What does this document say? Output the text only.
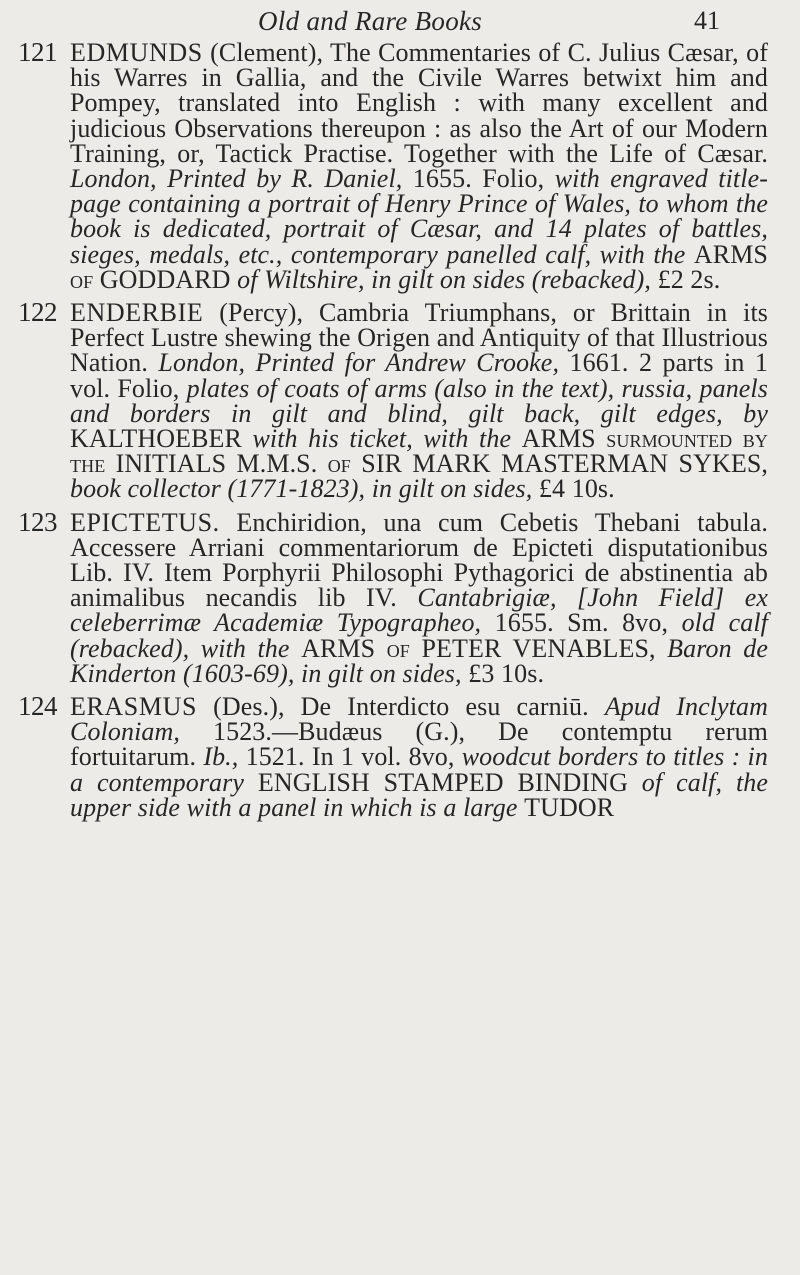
Old and Rare Books	41
121 EDMUNDS (Clement), The Commentaries of C. Julius Cæsar, of his Warres in Gallia, and the Civile Warres betwixt him and Pompey, translated into English : with many excellent and judicious Observations thereupon : as also the Art of our Modern Training, or, Tactick Practise. Together with the Life of Cæsar. London, Printed by R. Daniel, 1655. Folio, with engraved title-page containing a portrait of Henry Prince of Wales, to whom the book is dedicated, portrait of Cæsar, and 14 plates of battles, sieges, medals, etc., contemporary panelled calf, with the ARMS of GODDARD of Wiltshire, in gilt on sides (rebacked), £2 2s.
122 ENDERBIE (Percy), Cambria Triumphans, or Brittain in its Perfect Lustre shewing the Origen and Antiquity of that Illustrious Nation. London, Printed for Andrew Crooke, 1661. 2 parts in 1 vol. Folio, plates of coats of arms (also in the text), russia, panels and borders in gilt and blind, gilt back, gilt edges, by KALTHOEBER with his ticket, with the ARMS surmounted by the INITIALS M.M.S. of SIR MARK MASTERMAN SYKES, book collector (1771-1823), in gilt on sides, £4 10s.
123 EPICTETUS. Enchiridion, una cum Cebetis Thebani tabula. Accessere Arriani commentariorum de Epicteti disputationibus Lib. IV. Item Porphyrii Philosophi Pythagorici de abstinentia ab animalibus necandis lib IV. Cantabrigiæ, [John Field] ex celeberrimæ Academiæ Typographeo, 1655. Sm. 8vo, old calf (rebacked), with the ARMS of PETER VENABLES, Baron de Kinderton (1603-69), in gilt on sides, £3 10s.
124 ERASMUS (Des.), De Interdicto esu carniū. Apud Inclytam Coloniam, 1523.—Budæus (G.), De contemptu rerum fortuitarum. Ib., 1521. In 1 vol. 8vo, woodcut borders to titles : in a contemporary ENGLISH STAMPED BINDING of calf, the upper side with a panel in which is a large TUDOR
